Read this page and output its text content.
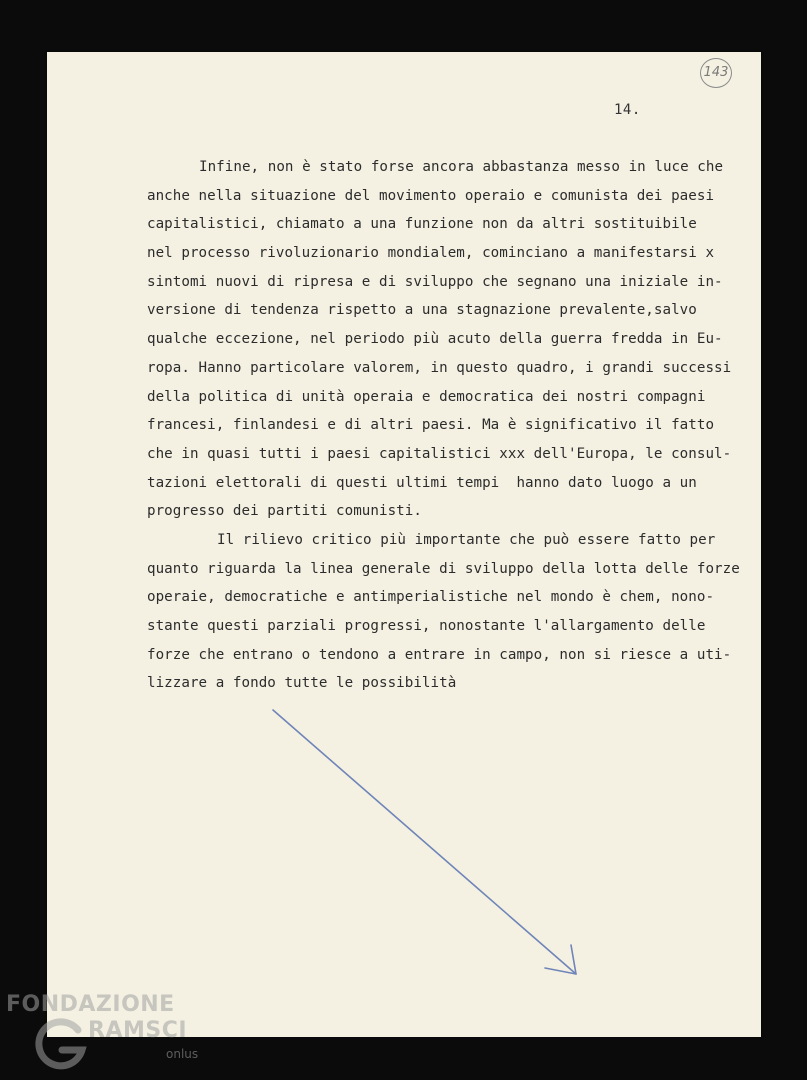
143
14.
Infine, non è stato forse ancora abbastanza messo in luce che
anche nella situazione del movimento operaio e comunista dei paesi
capitalistici, chiamato a una funzione non da altri sostituibile
nel processo rivoluzionario mondialem, cominciano a manifestarsi x
sintomi nuovi di ripresa e di sviluppo che segnano una iniziale in-
versione di tendenza rispetto a una stagnazione prevalente,salvo
qualche eccezione, nel periodo più acuto della guerra fredda in Eu-
ropa. Hanno particolare valorem, in questo quadro, i grandi successi
della politica di unità operaia e democratica dei nostri compagni
francesi, finlandesi e di altri paesi. Ma è significativo il fatto
che in quasi tutti i paesi capitalistici xxx dell'Europa, le consul-
tazioni elettorali di questi ultimi tempi  hanno dato luogo a un
progresso dei partiti comunisti.
Il rilievo critico più importante che può essere fatto per
quanto riguarda la linea generale di sviluppo della lotta delle forze
operaie, democratiche e antimperialistiche nel mondo è chem, nono-
stante questi parziali progressi, nonostante l'allargamento delle
forze che entrano o tendono a entrare in campo, non si riesce a uti-
lizzare a fondo tutte le possibilità
FONDAZIONE
RAMSCI
onlus
